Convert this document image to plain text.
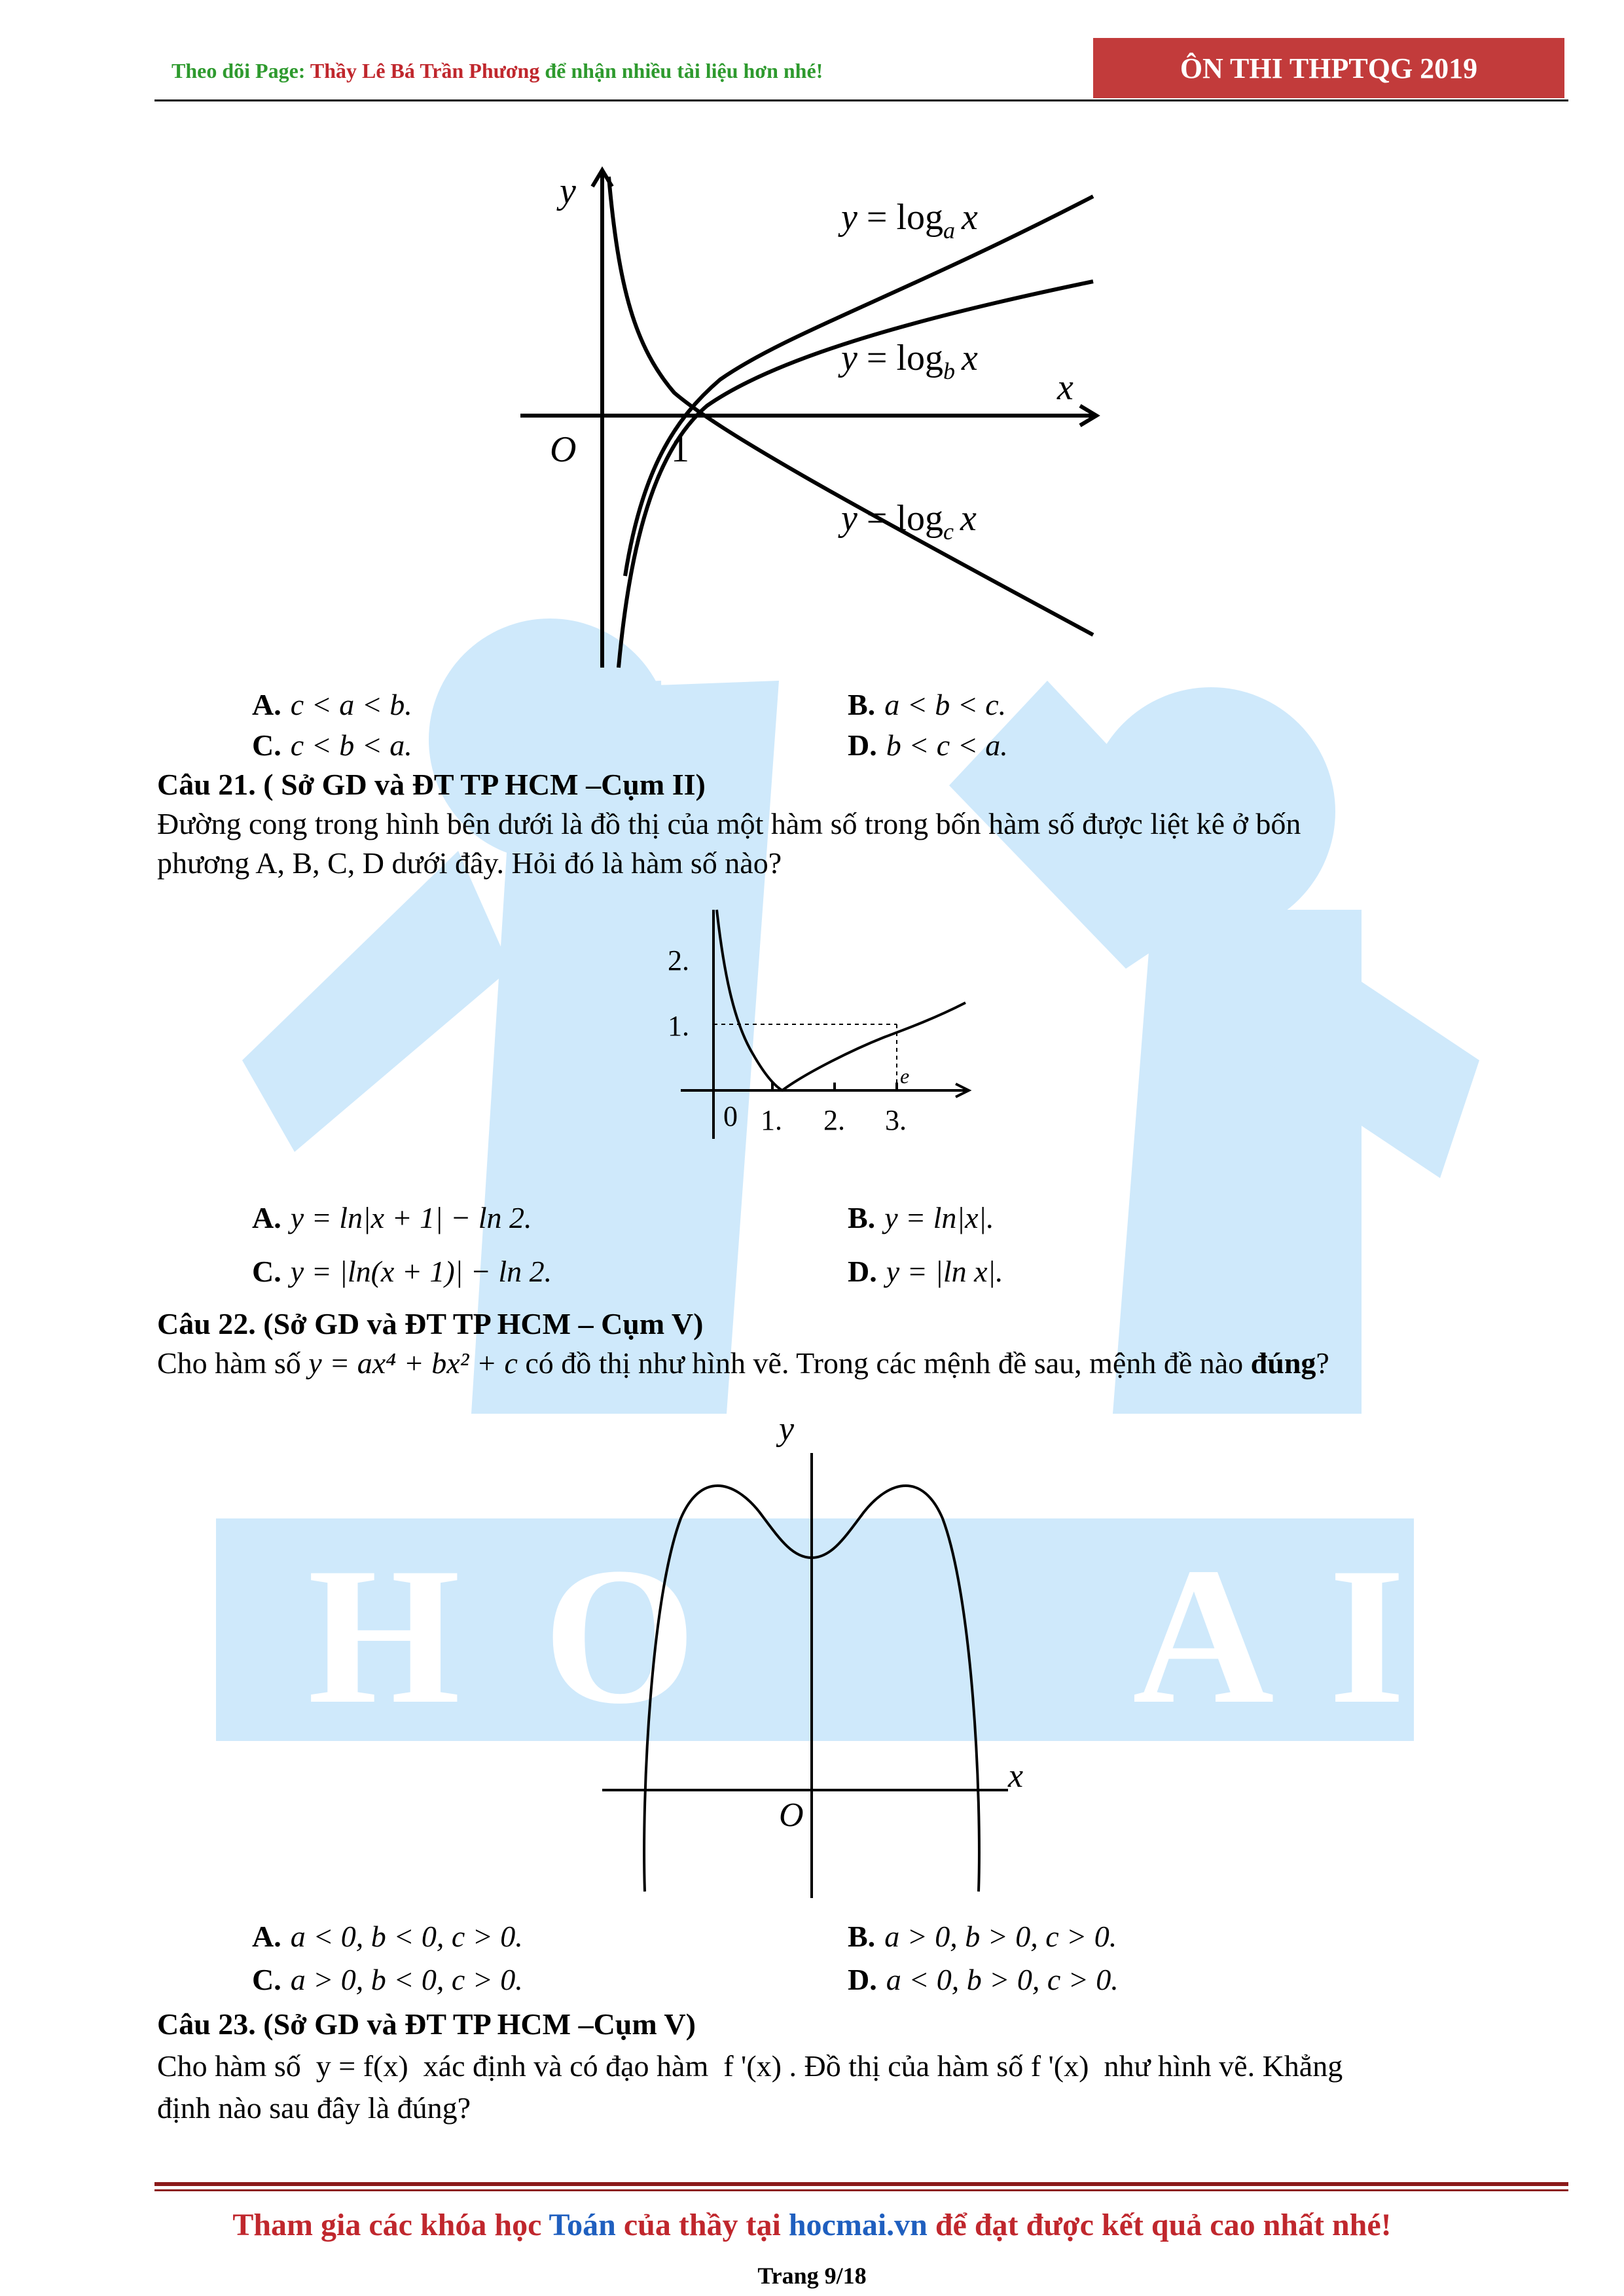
Theo dõi Page: Thầy Lê Bá Trần Phương để nhận nhiều tài liệu hơn nhé!	ÔN THI THPTQG 2019
H O A I
y
x
O	1
$y = \log_a x$
$y = \log_b x$
$y = \log_c x$
A. c < a < b.	B. a < b < c.
C. c < b < a.	D. b < c < a.
Câu 21. ( Sở GD và ĐT TP HCM –Cụm II)
Đường cong trong hình bên dưới là đồ thị của một hàm số trong bốn hàm số được liệt kê ở bốn
phương A, B, C, D dưới đây. Hỏi đó là hàm số nào?
2.
1.
0 1. 2. 3.
e
A. y = ln|x + 1| − ln 2.	B. y = ln|x|.
C. y = |ln(x + 1)| − ln 2.	D. y = |ln x|.
Câu 22. (Sở GD và ĐT TP HCM – Cụm V)
Cho hàm số y = ax⁴ + bx² + c có đồ thị như hình vẽ. Trong các mệnh đề sau, mệnh đề nào đúng?
y
x
O
A. a < 0, b < 0, c > 0.	B. a > 0, b > 0, c > 0.
C. a > 0, b < 0, c > 0.	D. a < 0, b > 0, c > 0.
Câu 23. (Sở GD và ĐT TP HCM –Cụm V)
Cho hàm số  y = f(x)  xác định và có đạo hàm  f '(x) . Đồ thị của hàm số f '(x)  như hình vẽ. Khẳng
định nào sau đây là đúng?
Tham gia các khóa học Toán của thầy tại hocmai.vn để đạt được kết quả cao nhất nhé!
Trang 9/18
